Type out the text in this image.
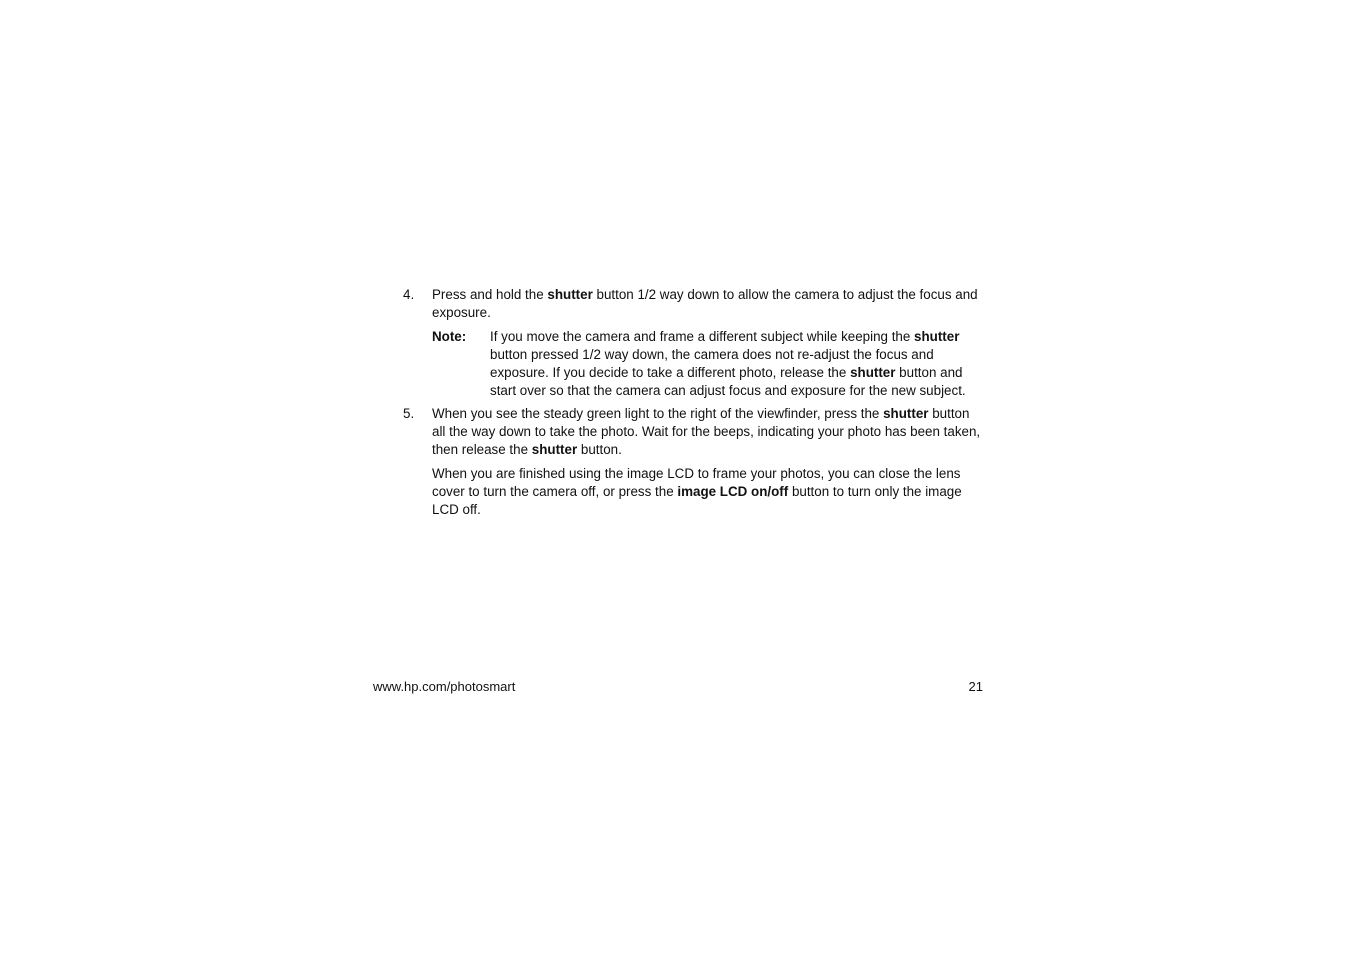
4. Press and hold the shutter button 1/2 way down to allow the camera to adjust the focus and exposure.

Note: If you move the camera and frame a different subject while keeping the shutter button pressed 1/2 way down, the camera does not re-adjust the focus and exposure. If you decide to take a different photo, release the shutter button and start over so that the camera can adjust focus and exposure for the new subject.

5. When you see the steady green light to the right of the viewfinder, press the shutter button all the way down to take the photo. Wait for the beeps, indicating your photo has been taken, then release the shutter button.

When you are finished using the image LCD to frame your photos, you can close the lens cover to turn the camera off, or press the image LCD on/off button to turn only the image LCD off.

www.hp.com/photosmart	21
